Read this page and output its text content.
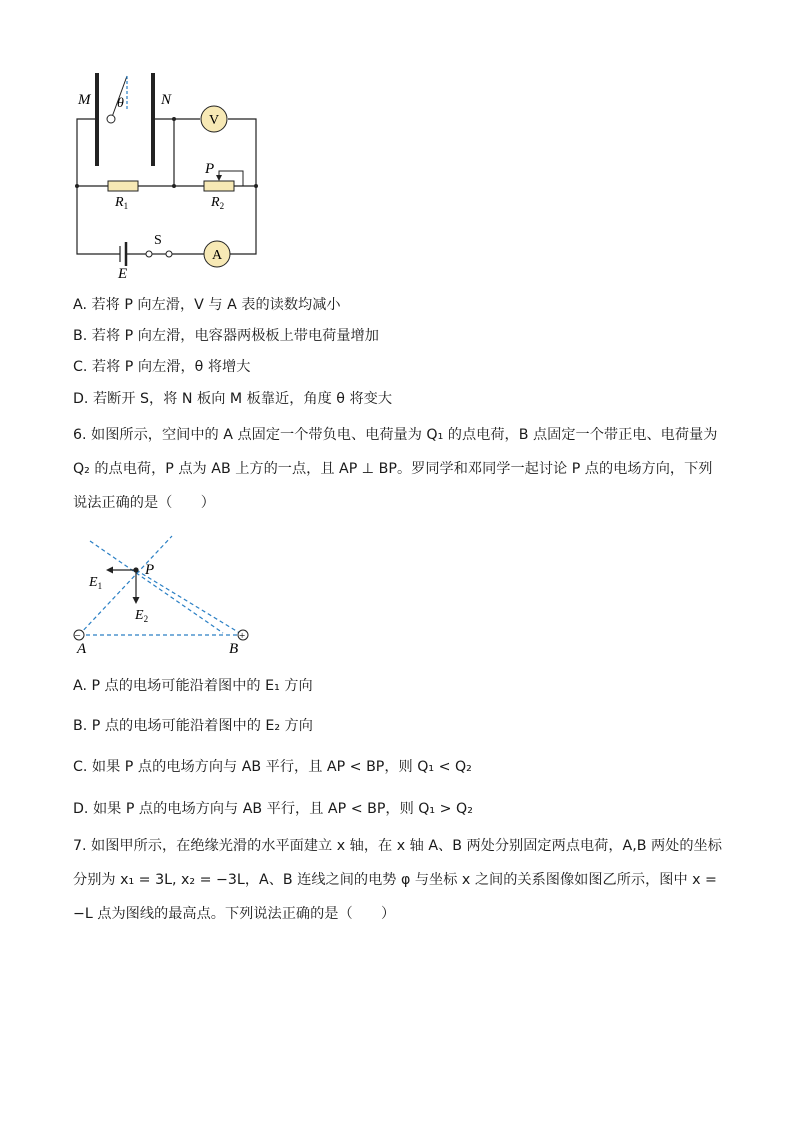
M θ N
V
P
$R_1$	$R_2$
S
A
E
A. 若将 P 向左滑，V 与 A 表的读数均减小
B. 若将 P 向左滑，电容器两极板上带电荷量增加
C. 若将 P 向左滑，θ 将增大
D. 若断开 S，将 N 板向 M 板靠近，角度 θ 将变大
6. 如图所示，空间中的 A 点固定一个带负电、电荷量为 Q₁ 的点电荷，B 点固定一个带正电、电荷量为 Q₂ 的点电荷，P 点为 AB 上方的一点，且 AP ⊥ BP。罗同学和邓同学一起讨论 P 点的电场方向，下列说法正确的是（　　）
−	+
P
$E_1$
$E_2$
A	B
A. P 点的电场可能沿着图中的 E₁ 方向
B. P 点的电场可能沿着图中的 E₂ 方向
C. 如果 P 点的电场方向与 AB 平行，且 AP < BP，则 Q₁ < Q₂
D. 如果 P 点的电场方向与 AB 平行，且 AP < BP，则 Q₁ > Q₂
7. 如图甲所示，在绝缘光滑的水平面建立 x 轴，在 x 轴 A、B 两处分别固定两点电荷，A,B 两处的坐标分别为 x₁ = 3L, x₂ = −3L，A、B 连线之间的电势 φ 与坐标 x 之间的关系图像如图乙所示，图中 x = −L 点为图线的最高点。下列说法正确的是（　　）
